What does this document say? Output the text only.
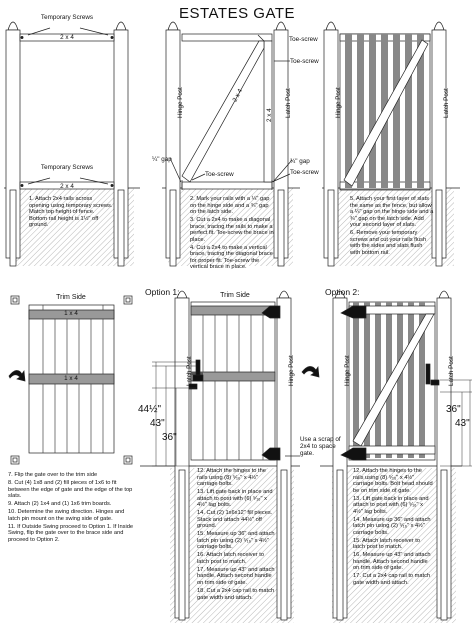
ESTATES GATE
Temporary Screws
2 x 4
Temporary Screws
2 x 4
1. Attach 2x4 rails across opening using temporary screws. Match top height of fence. Bottom rail height is 1½" off ground.
Toe-screw
Toe-screw
Hinge Post	Latch Post
2 x 4
2 x 4
¼" gap	¾" gap
Toe-screw	Toe-screw
2. Mark your rails with a ¼" gap on the hinge side and a ¾" gap on the latch side.
3. Cut a 2x4 to make a diagonal brace, tracing the rails to make a perfect fit. Toe-screw the brace in place.
4. Cut a 2x4 to make a vertical brace, tracing the diagonal brace for proper fit. Toe-screw the vertical brace in place.
Hinge Post	Latch Post
5. Attach your first layer of slats the same as the fence, but allow a ¼" gap on the hinge side and a ¾" gap on the latch side. Add your second layer of slats.
6. Remove your temporary screws and cut your rails flush with the sides and slats flush with bottom rail.
Trim Side
1 x 4
1 x 4
7. Flip the gate over to the trim side
8. Cut (4) 1x8 and (2) fill pieces of 1x6 to fit between the edge of gate and the edge of the top slats.
9. Attach (2) 1x4 and (1) 1x6 trim boards.
10. Determine the swing direction. Hinges and latch pin mount on the swing side of gate.
11. If Outside Swing proceed to Option 1. If Inside Swing, flip the gate over to the brace side and proceed to Option 2.
Option 1:	Trim Side
Latch Post	Hinge Post
44½"
43"
36"	Use a scrap of 2x4 to space gate.
12. Attach the hinges to the rails using (8) ⁵⁄₁₆" x 4½" carriage bolts.
13. Lift gate back in place and attach to post with (6) ⁵⁄₁₆" x 4½" lag bolts.
14. Cut (2) 1x6x12" fill pieces. Stack and attach 44½" off ground.
15. Measure up 36" and attach latch pin using (2) ⁵⁄₁₆" x 4½" carriage bolts.
16. Attach latch receiver to latch post to match.
17. Measure up 43" and attach handle. Attach second handle on trim side of gate.
18. Cut a 2x4 cap rail to match gate width and attach.
Option 2:
Hinge Post	Latch Post
36"
43"
12. Attach the hinges to the rails using (8) ⁵⁄₁₆" x 4½" carriage bolts. Bolt head should be on trim side of gate.
13. Lift gate back in place and attach to post with (6) ⁵⁄₁₆" x 4½" lag bolts.
14. Measure up 36" and attach latch pin using (2) ⁵⁄₁₆" x 4½" carriage bolts.
15. Attach latch receiver to latch post to match.
16. Measure up 43" and attach handle. Attach second handle on trim side of gate.
17. Cut a 2x4 cap rail to match gate width and attach.
